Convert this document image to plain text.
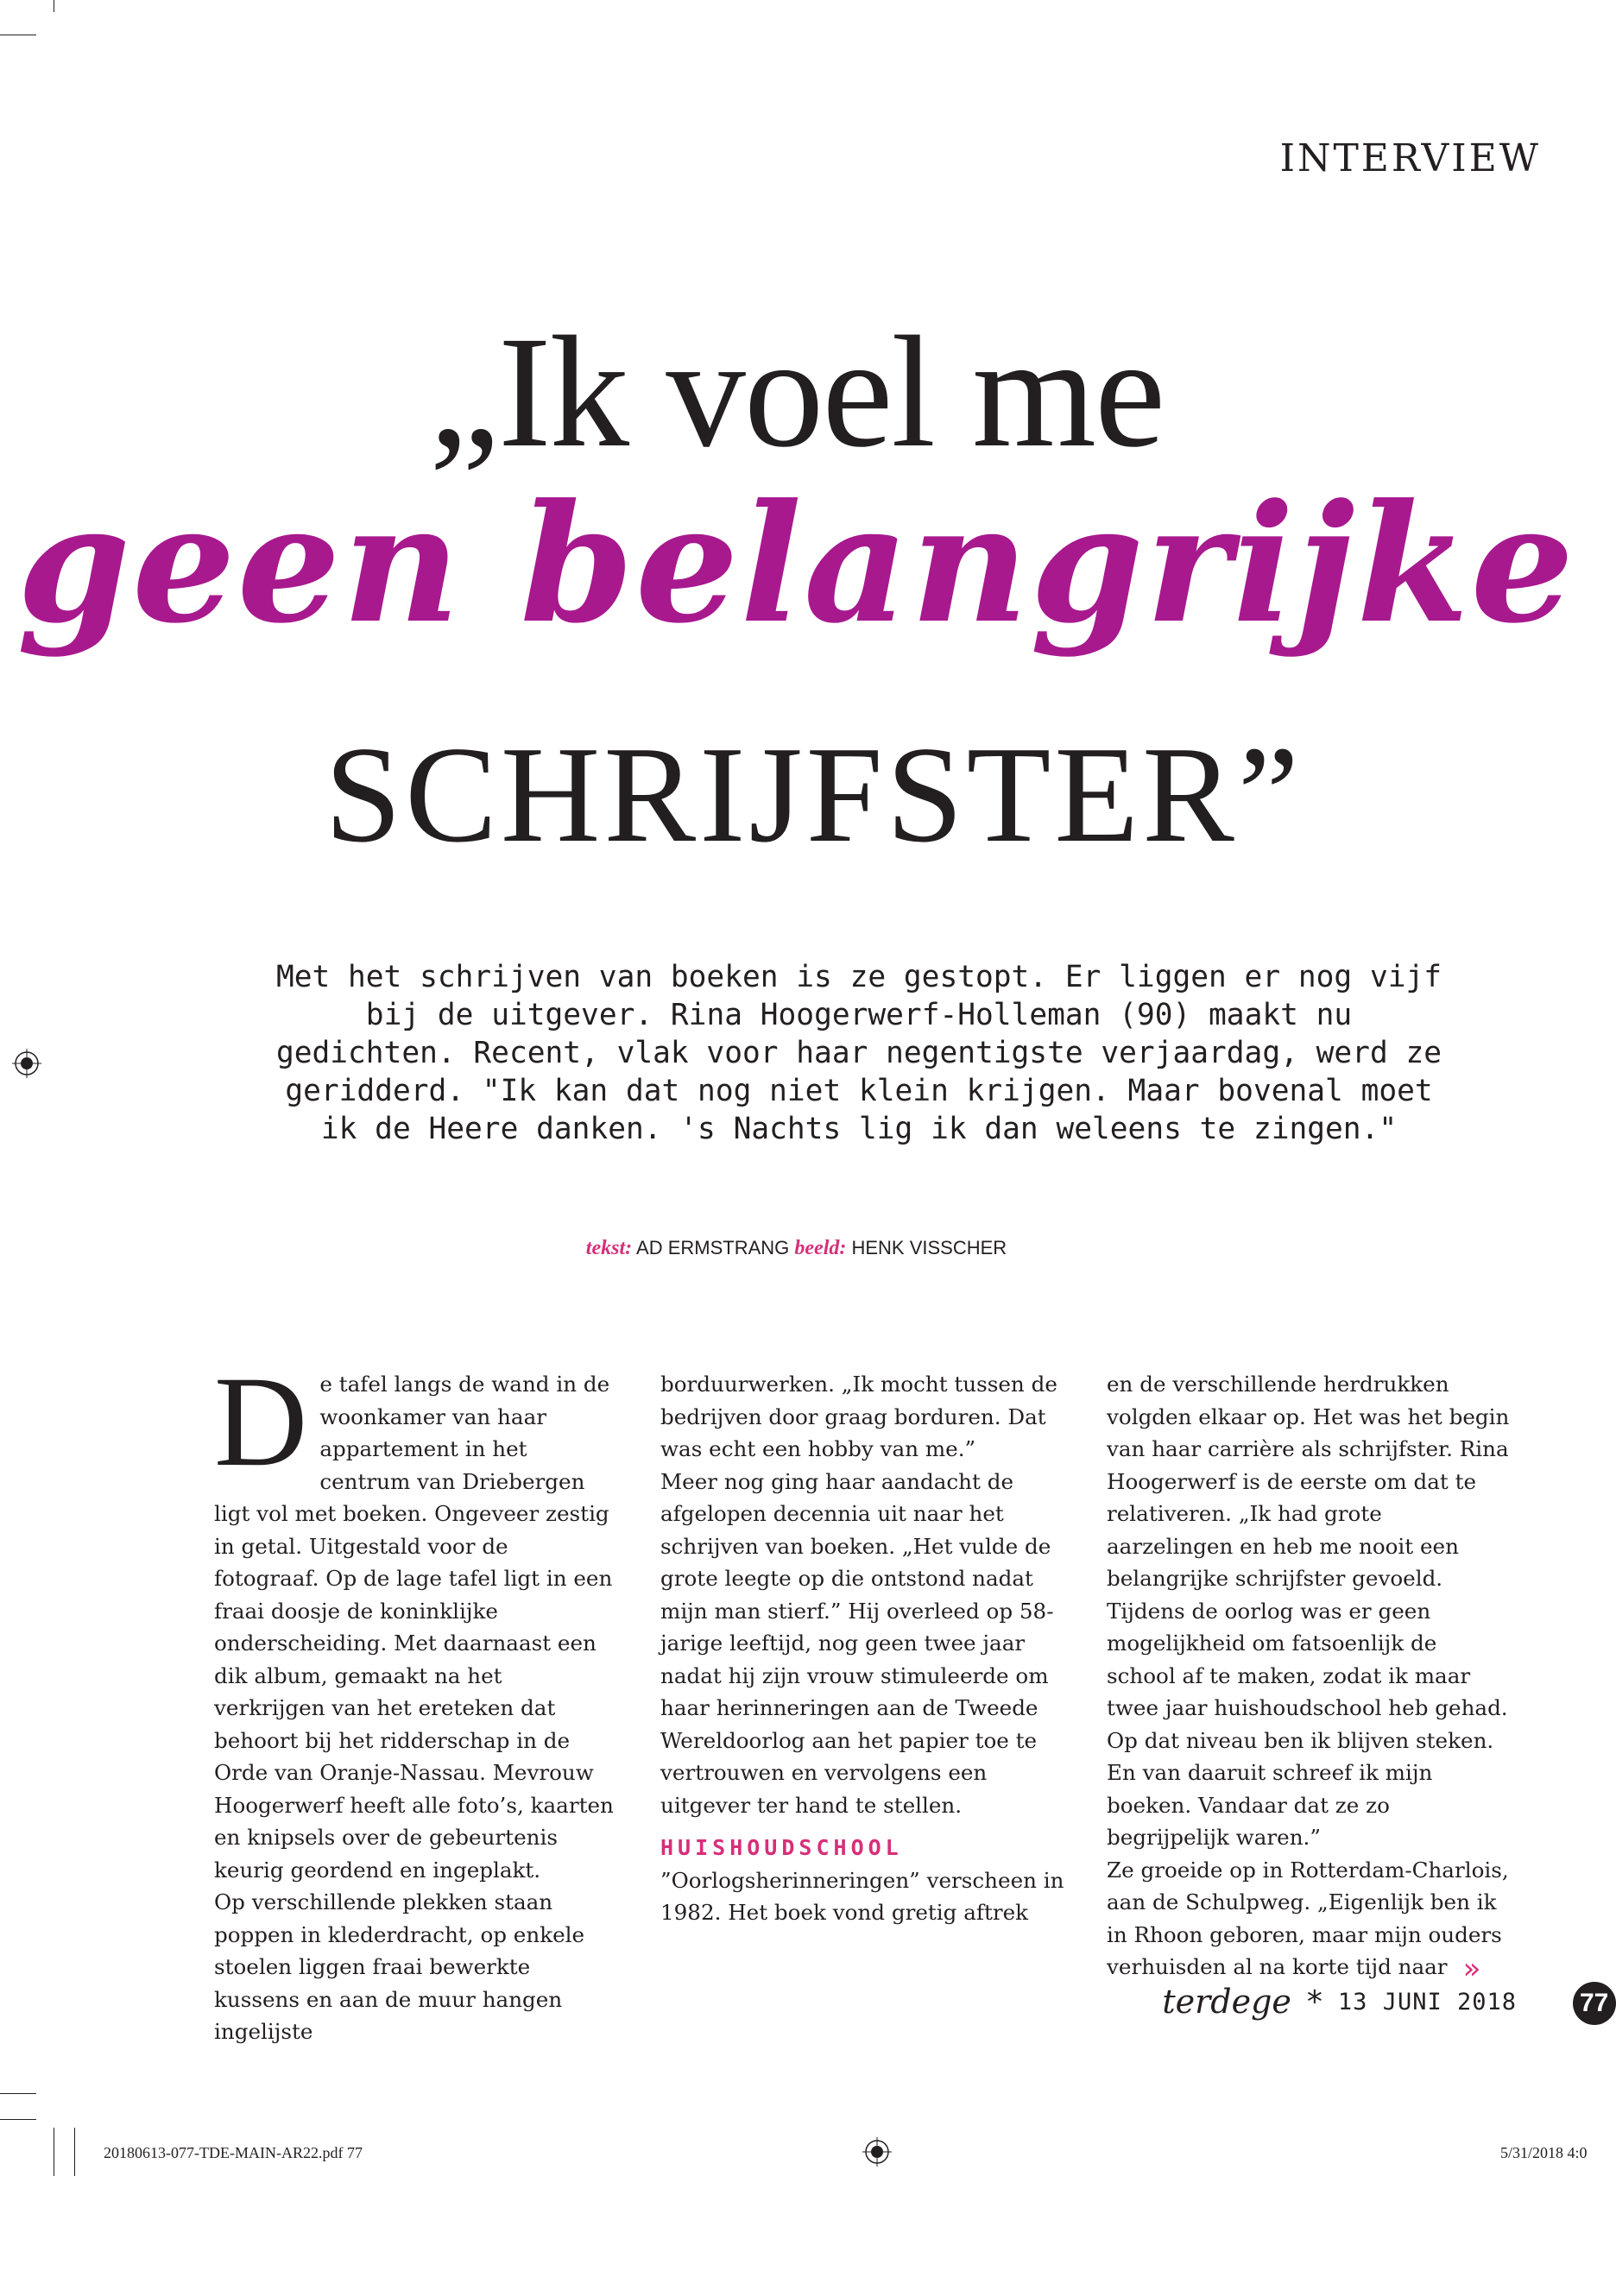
INTERVIEW
„Ik voel me
geen belangrijke
SCHRIJFSTER”
Met het schrijven van boeken is ze gestopt. Er liggen er nog vijf bij de uitgever. Rina Hoogerwerf-Holleman (90) maakt nu gedichten. Recent, vlak voor haar negentigste verjaardag, werd ze geridderd. "Ik kan dat nog niet klein krijgen. Maar bovenal moet ik de Heere danken. 's Nachts lig ik dan weleens te zingen."
tekst: AD ERMSTRANG beeld: HENK VISSCHER
D e tafel langs de wand in de woonkamer van haar appartement in het centrum van Driebergen ligt vol met boeken. Ongeveer zestig in getal. Uitgestald voor de fotograaf. Op de lage tafel ligt in een fraai doosje de koninklijke onderscheiding. Met daarnaast een dik album, gemaakt na het verkrijgen van het ereteken dat behoort bij het ridderschap in de Orde van Oranje-Nassau. Mevrouw Hoogerwerf heeft alle foto’s, kaarten en knipsels over de gebeurtenis keurig geordend en ingeplakt.

Op verschillende plekken staan poppen in klederdracht, op enkele stoelen liggen fraai bewerkte kussens en aan de muur hangen ingelijste

borduurwerken. „Ik mocht tussen de bedrijven door graag borduren. Dat was echt een hobby van me.”

Meer nog ging haar aandacht de afgelopen decennia uit naar het schrijven van boeken. „Het vulde de grote leegte op die ontstond nadat mijn man stierf.” Hij overleed op 58-jarige leeftijd, nog geen twee jaar nadat hij zijn vrouw stimuleerde om haar herinneringen aan de Tweede Wereldoorlog aan het papier toe te vertrouwen en vervolgens een uitgever ter hand te stellen.

HUISHOUDSCHOOL

”Oorlogsherinneringen” verscheen in 1982. Het boek vond gretig aftrek

en de verschillende herdrukken volgden elkaar op. Het was het begin van haar carrière als schrijfster. Rina Hoogerwerf is de eerste om dat te relativeren. „Ik had grote aarzelingen en heb me nooit een belangrijke schrijfster gevoeld. Tijdens de oorlog was er geen mogelijkheid om fatsoenlijk de school af te maken, zodat ik maar twee jaar huishoudschool heb gehad. Op dat niveau ben ik blijven steken. En van daaruit schreef ik mijn boeken. Vandaar dat ze zo begrijpelijk waren.”

Ze groeide op in Rotterdam-Charlois, aan de Schulpweg. „Eigenlijk ben ik in Rhoon geboren, maar mijn ouders verhuisden al na korte tijd naar »

terdege * 13 JUNI 2018 77
20180613-077-TDE-MAIN-AR22.pdf 77	5/31/2018 4:0
